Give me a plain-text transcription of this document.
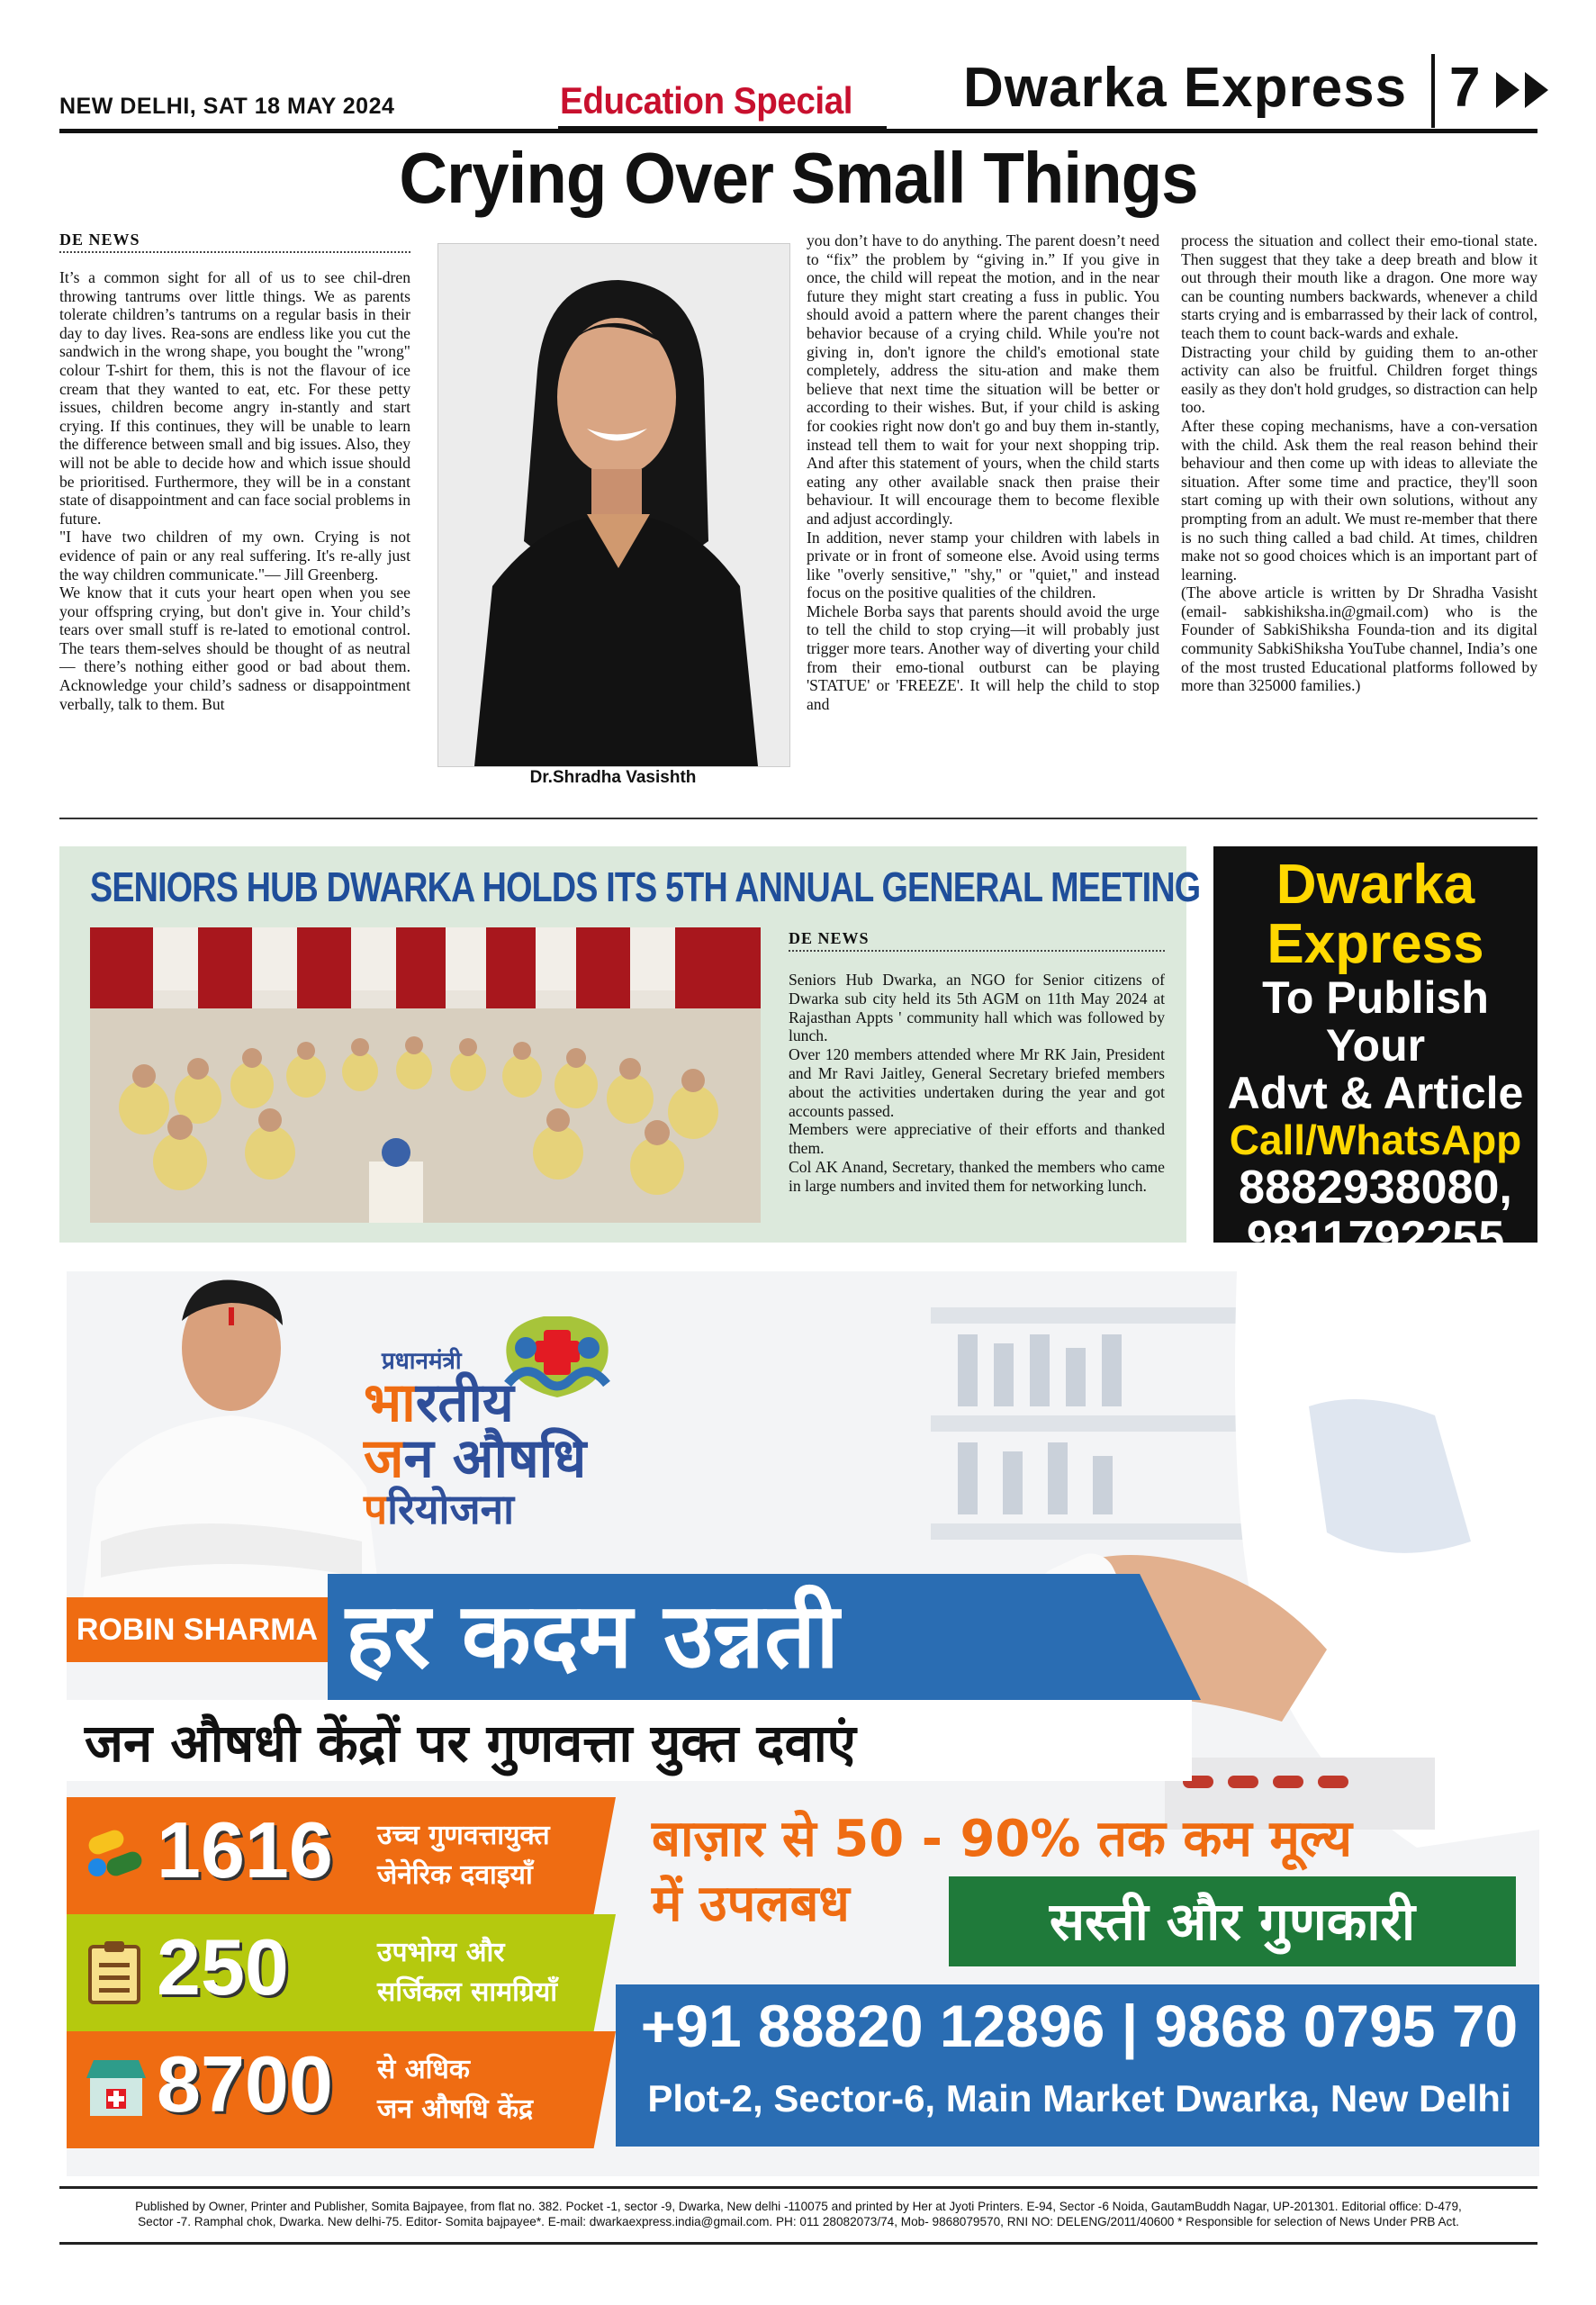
NEW DELHI, SAT 18 MAY 2024	Education Special Dwarka Express 7
Crying Over Small Things
DE NEWS

It’s a common sight for all of us to see chil-dren throwing tantrums over little things. We as parents tolerate children’s tantrums on a regular basis in their day to day lives. Rea-sons are endless like you cut the sandwich in the wrong shape, you bought the "wrong" colour T-shirt for them, this is not the flavour of ice cream that they wanted to eat, etc. For these petty issues, children become angry in-stantly and start crying. If this continues, they will be unable to learn the difference between small and big issues. Also, they will not be able to decide how and which issue should be prioritised. Furthermore, they will be in a constant state of disappointment and can face social problems in future.

"I have two children of my own. Crying is not evidence of pain or any real suffering. It's re-ally just the way children communicate."— Jill Greenberg.

We know that it cuts your heart open when you see your offspring crying, but don't give in. Your child’s tears over small stuff is re-lated to emotional control. The tears them-selves should be thought of as neutral — there’s nothing either good or bad about them. Acknowledge your child’s sadness or disappointment verbally, talk to them. But

Dr.Shradha Vasishth

you don’t have to do anything. The parent doesn’t need to “fix” the problem by “giving in.” If you give in once, the child will repeat the motion, and in the near future they might start creating a fuss in public. You should avoid a pattern where the parent changes their behavior because of a crying child. While you're not giving in, don't ignore the child's emotional state completely, address the situ-ation and make them believe that next time the situation will be better or according to their wishes. But, if your child is asking for cookies right now don't go and buy them in-stantly, instead tell them to wait for your next shopping trip. And after this statement of yours, when the child starts eating any other available snack then praise their behaviour. It will encourage them to become flexible and adjust accordingly.

In addition, never stamp your children with labels in private or in front of someone else. Avoid using terms like "overly sensitive," "shy," or "quiet," and instead focus on the positive qualities of the children.

Michele Borba says that parents should avoid the urge to tell the child to stop crying—it will probably just trigger more tears. Another way of diverting your child from their emo-tional outburst can be playing 'STATUE' or 'FREEZE'. It will help the child to stop and

process the situation and collect their emo-tional state. Then suggest that they take a deep breath and blow it out through their mouth like a dragon. One more way can be counting numbers backwards, whenever a child starts crying and is embarrassed by their lack of control, teach them to count back-wards and exhale.

Distracting your child by guiding them to an-other activity can also be fruitful. Children forget things easily as they don't hold grudges, so distraction can help too.

After these coping mechanisms, have a con-versation with the child. Ask them the real reason behind their behaviour and then come up with ideas to alleviate the situation. After some time and practice, they'll soon start coming up with their own solutions, without any prompting from an adult. We must re-member that there is no such thing called a bad child. At times, children make not so good choices which is an important part of learning.

(The above article is written by Dr Shradha Vasisht (email- sabkishiksha.in@gmail.com) who is the Founder of SabkiShiksha Founda-tion and its digital community SabkiShiksha YouTube channel, India’s one of the most trusted Educational platforms followed by more than 325000 families.)

SENIORS HUB DWARKA HOLDS ITS 5TH ANNUAL GENERAL MEETING
DE NEWS
Seniors Hub Dwarka, an NGO for Senior citizens of Dwarka sub city held its 5th AGM on 11th May 2024 at Rajasthan Appts ' community hall which was followed by lunch.
Over 120 members attended where Mr RK Jain, President and Mr Ravi Jaitley, General Secretary briefed members about the activities undertaken during the year and got accounts passed.
Members were appreciative of their efforts and thanked them.
Col AK Anand, Secretary, thanked the members who came in large numbers and invited them for networking lunch.
Dwarka
Express
To Publish Your
Advt & Article
Call/WhatsApp
8882938080,
9811792255
प्रधानमंत्री
भारतीय
जन औषधि
परियोजना
ROBIN SHARMA हर कदम उन्नती
जन औषधी केंद्रों पर गुणवत्ता युक्त दवाएं
1616 उच्च गुणवत्तायुक्त
जेनेरिक दवाइयाँ
250	उपभोग्य और
सर्जिकल सामग्रियाँ
8700 से अधिक
जन औषधि केंद्र
बाज़ार से 50 - 90% तक कम मूल्य
में उपलबध	सस्ती और गुणकारी
+91 88820 12896 | 9868 0795 70
Plot-2, Sector-6, Main Market Dwarka, New Delhi
Published by Owner, Printer and Publisher, Somita Bajpayee, from flat no. 382. Pocket -1, sector -9, Dwarka, New delhi -110075 and printed by Her at Jyoti Printers. E-94, Sector -6 Noida, GautamBuddh Nagar, UP-201301. Editorial office: D-479,
Sector -7. Ramphal chok, Dwarka. New delhi-75. Editor- Somita bajpayee*. E-mail: dwarkaexpress.india@gmail.com. PH: 011 28082073/74, Mob- 9868079570, RNI NO: DELENG/2011/40600 * Responsible for selection of News Under PRB Act.
